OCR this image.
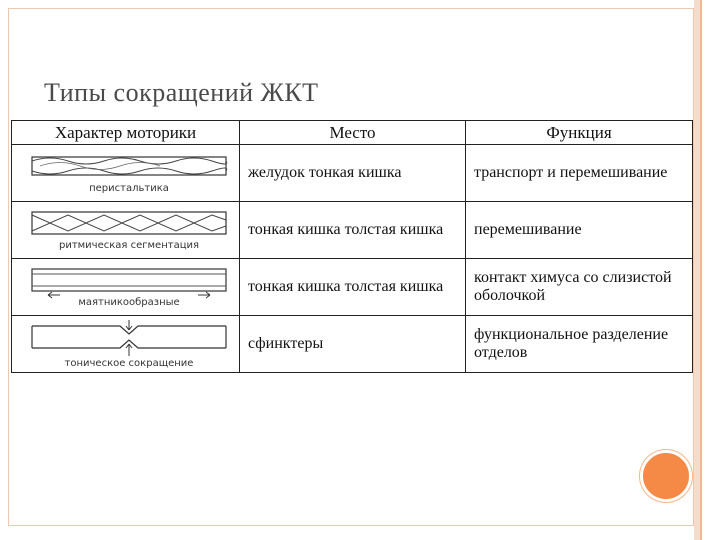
Типы сокращений ЖКТ
Характер моторики	Место	Функция

перистальтика	желудок тонкая кишка	транспорт и перемешивание

ритмическая сегментация	тонкая кишка толстая кишка	перемешивание

маятникообразные	тонкая кишка толстая кишка	контакт химуса со слизистой оболочкой

тоническое сокращение	сфинктеры	функциональное разделение отделов
